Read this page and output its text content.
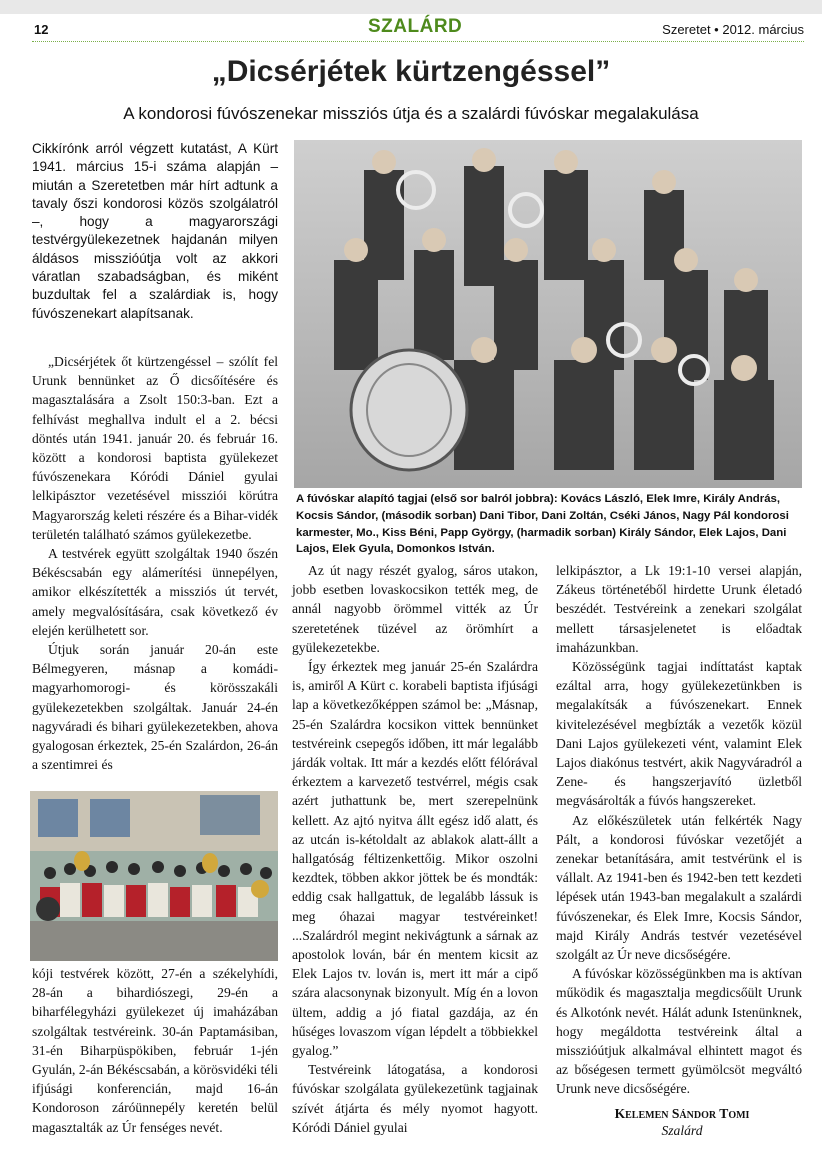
12	SZALÁRD	Szeretet • 2012. március
„Dicsérjétek kürtzengéssel”
A kondorosi fúvószenekar missziós útja és a szalárdi fúvóskar megalakulása

Cikkírónk arról végzett kutatást, A Kürt 1941. március 15-i száma alapján – miután a Szeretetben már hírt adtunk a tavaly őszi kondorosi közös szolgálatról –, hogy a magyarországi testvérgyülekezetnek hajdanán milyen áldásos misszióútja volt az akkori váratlan szabadságban, és miként buzdultak fel a szalárdiak is, hogy fúvószenekart alapítsanak.

„Dicsérjétek őt kürtzengéssel – szólít fel Urunk bennünket az Ő dicsőítésére és magasztalására a Zsolt 150:3-ban. Ezt a felhívást meghallva indult el a 2. bécsi döntés után 1941. január 20. és február 16. között a kondorosi baptista gyülekezet fúvószenekara Kóródi Dániel gyulai lelkipásztor vezetésével missziói körútra Magyarország keleti részére és a Bihar-vidék területén található számos gyülekezetbe.

A testvérek együtt szolgáltak 1940 őszén Békéscsabán egy alámerítési ünnepélyen, amikor elkészítették a missziós út tervét, amely megvalósítására, csak következő év elején kerülhetett sor.

Útjuk során január 20-án este Bélmegyeren, másnap a komádi-magyarhomorogi- és körösszakáli gyülekezetekben szolgáltak. Január 24-én nagyváradi és bihari gyülekezetekben, ahova gyalogosan érkeztek, 25-én Szalárdon, 26-án a szentimrei és

kóji testvérek között, 27-én a székelyhídi, 28-án a bihardiószegi, 29-én a biharfélegyházi gyülekezet új imaházában szolgáltak testvéreink. 30-án Paptamásiban, 31-én Biharpüspökiben, február 1-jén Gyulán, 2-án Békéscsabán, a körösvidéki téli ifjúsági konferencián, majd 16-án Kondoroson záróünnepély keretén belül magasztalták az Úr fenséges nevét.

A fúvóskar alapító tagjai (első sor balról jobbra): Kovács László, Elek Imre, Király András, Kocsis Sándor, (második sorban) Dani Tibor, Dani Zoltán, Cséki János, Nagy Pál kondorosi karmester, Mo., Kiss Béni, Papp György, (harmadik sorban) Király Sándor, Elek Lajos, Dani Lajos, Elek Gyula, Domonkos István.

Az út nagy részét gyalog, sáros utakon, jobb esetben lovaskocsikon tették meg, de annál nagyobb örömmel vitték az Úr szeretetének tüzével az örömhírt a gyülekezetekbe.

Így érkeztek meg január 25-én Szalárdra is, amiről A Kürt c. korabeli baptista ifjúsági lap a következőképpen számol be: „Másnap, 25-én Szalárdra kocsikon vittek bennünket testvéreink csepegős időben, itt már legalább járdák voltak. Itt már a kezdés előtt félórával érkeztem a karvezető testvérrel, mégis csak azért juthattunk be, mert szerepelnünk kellett. Az ajtó nyitva állt egész idő alatt, és az utcán is-kétoldalt az ablakok alatt-állt a hallgatóság féltizenkettőig. Mikor oszolni kezdtek, többen akkor jöttek be és mondták: eddig csak hallgattuk, de legalább lássuk is meg óhazai magyar testvéreinket! ...Szalárdról megint nekivágtunk a sárnak az apostolok lován, bár én mentem kicsit az Elek Lajos tv. lován is, mert itt már a cipő szára alacsonynak bizonyult. Míg én a lovon ültem, addig a jó fiatal gazdája, az én hűséges lovaszom vígan lépdelt a többiekkel gyalog.”

Testvéreink látogatása, a kondorosi fúvóskar szolgálata gyülekezetünk tagjainak szívét átjárta és mély nyomot hagyott. Kóródi Dániel gyulai

lelkipásztor, a Lk 19:1-10 versei alapján, Zákeus történetéből hirdette Urunk életadó beszédét. Testvéreink a zenekari szolgálat mellett társasjelenetet is előadtak imaházunkban.

Közösségünk tagjai indíttatást kaptak ezáltal arra, hogy gyülekezetünkben is megalakítsák a fúvószenekart. Ennek kivitelezésével megbízták a vezetők közül Dani Lajos gyülekezeti vént, valamint Elek Lajos diakónus testvért, akik Nagyváradról a Zene- és hangszerjavító üzletből megvásárolták a fúvós hangszereket.

Az előkészületek után felkérték Nagy Pált, a kondorosi fúvóskar vezetőjét a zenekar betanítására, amit testvérünk el is vállalt. Az 1941-ben és 1942-ben tett kezdeti lépések után 1943-ban megalakult a szalárdi fúvószenekar, és Elek Imre, Kocsis Sándor, majd Király András testvér vezetésével szolgált az Úr neve dicsőségére.

A fúvóskar közösségünkben ma is aktívan működik és magasztalja megdicsőült Urunk és Alkotónk nevét. Hálát adunk Istenünknek, hogy megáldotta testvéreink által a misszióútjuk alkalmával elhintett magot és az bőségesen termett gyümölcsöt megváltó Urunk neve dicsőségére.

Kelemen Sándor Tomi
Szalárd
